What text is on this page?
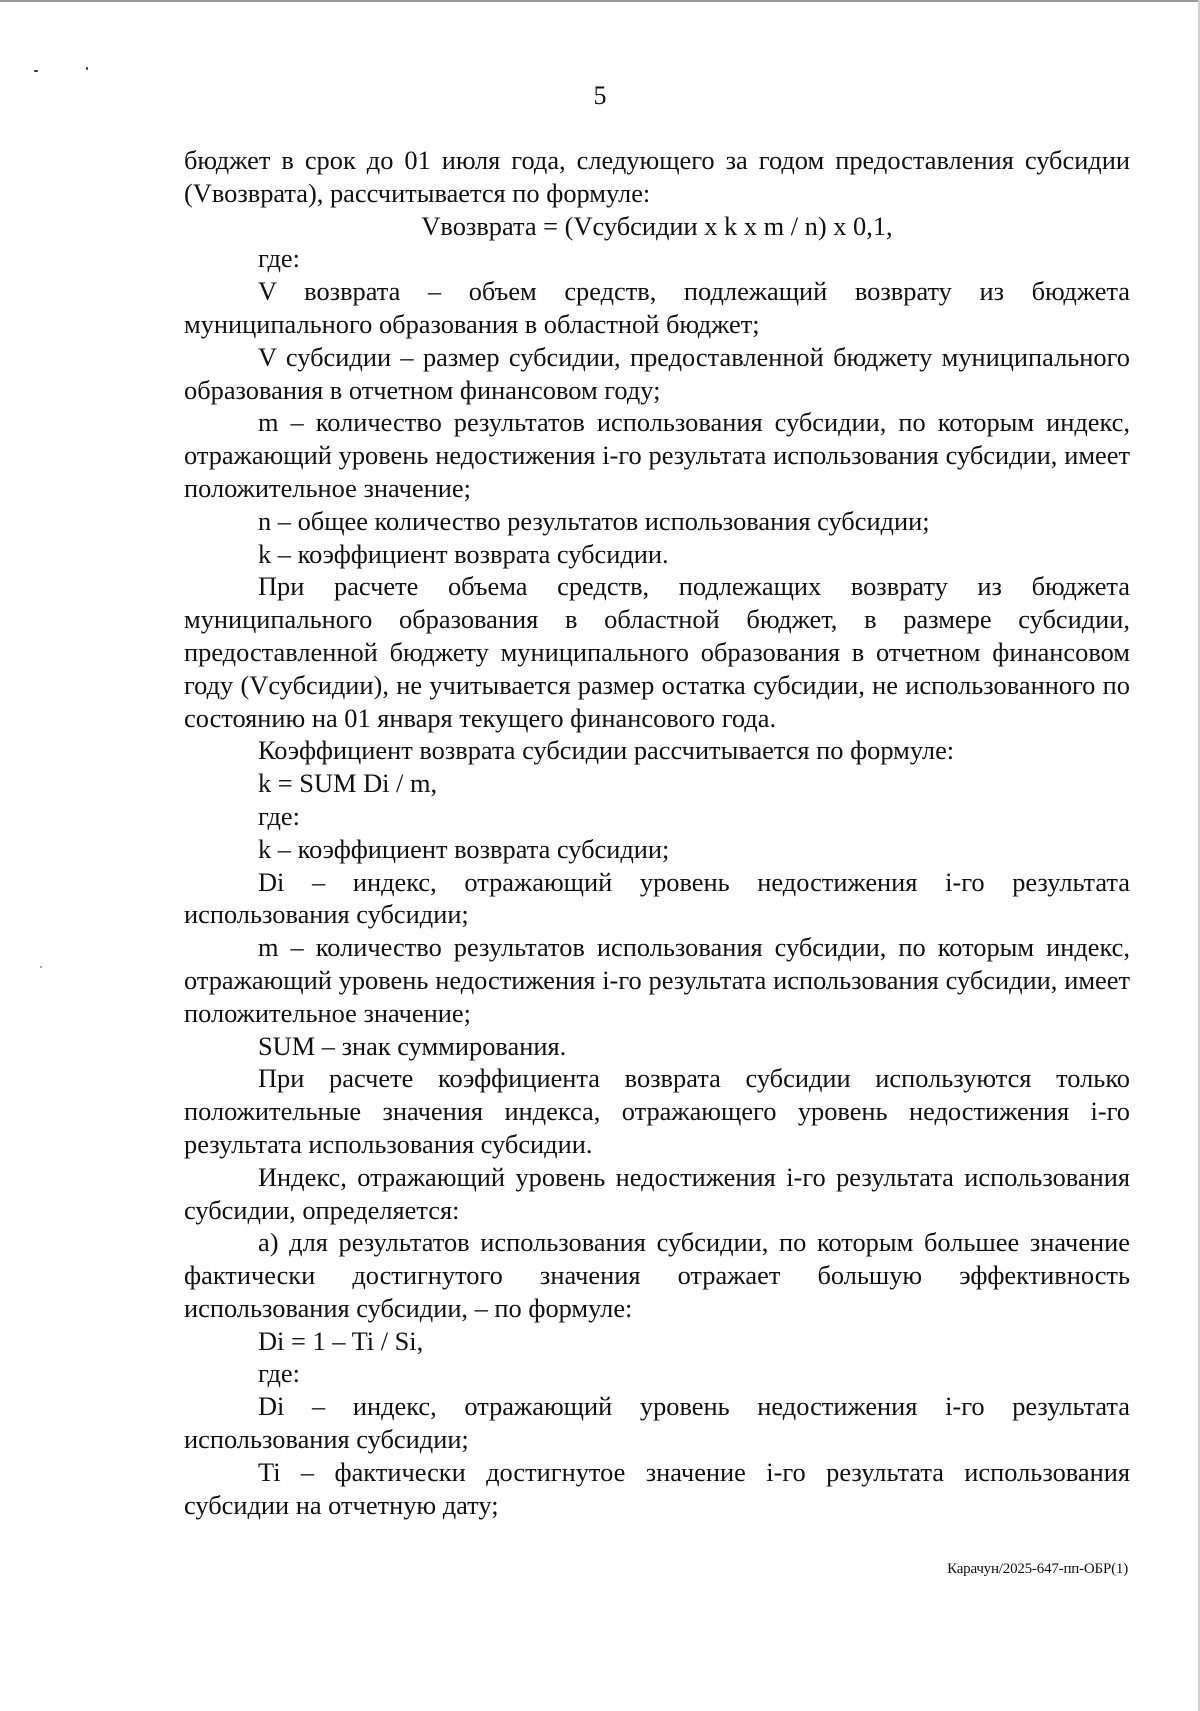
5

бюджет в срок до 01 июля года, следующего за годом предоставления субсидии (Vвозврата), рассчитывается по формуле:

Vвозврата = (Vсубсидии х k х m / n) х 0,1,

где:

V возврата – объем средств, подлежащий возврату из бюджета муниципального образования в областной бюджет;

V субсидии – размер субсидии, предоставленной бюджету муниципального образования в отчетном финансовом году;

m – количество результатов использования субсидии, по которым индекс, отражающий уровень недостижения i-го результата использования субсидии, имеет положительное значение;

n – общее количество результатов использования субсидии;

k – коэффициент возврата субсидии.

При расчете объема средств, подлежащих возврату из бюджета муниципального образования в областной бюджет, в размере субсидии, предоставленной бюджету муниципального образования в отчетном финансовом году (Vсубсидии), не учитывается размер остатка субсидии, не использованного по состоянию на 01 января текущего финансового года.

Коэффициент возврата субсидии рассчитывается по формуле:

k = SUM Di / m,

где:

k – коэффициент возврата субсидии;

Di – индекс, отражающий уровень недостижения i-го результата использования субсидии;

m – количество результатов использования субсидии, по которым индекс, отражающий уровень недостижения i-го результата использования субсидии, имеет положительное значение;

SUM – знак суммирования.

При расчете коэффициента возврата субсидии используются только положительные значения индекса, отражающего уровень недостижения i-го результата использования субсидии.

Индекс, отражающий уровень недостижения i-го результата использования субсидии, определяется:

а) для результатов использования субсидии, по которым большее значение фактически достигнутого значения отражает большую эффективность использования субсидии, – по формуле:

Di = 1 – Ti / Si,

где:

Di – индекс, отражающий уровень недостижения i-го результата использования субсидии;

Ti – фактически достигнутое значение i-го результата использования субсидии на отчетную дату;

Карачун/2025-647-пп-ОБР(1)
